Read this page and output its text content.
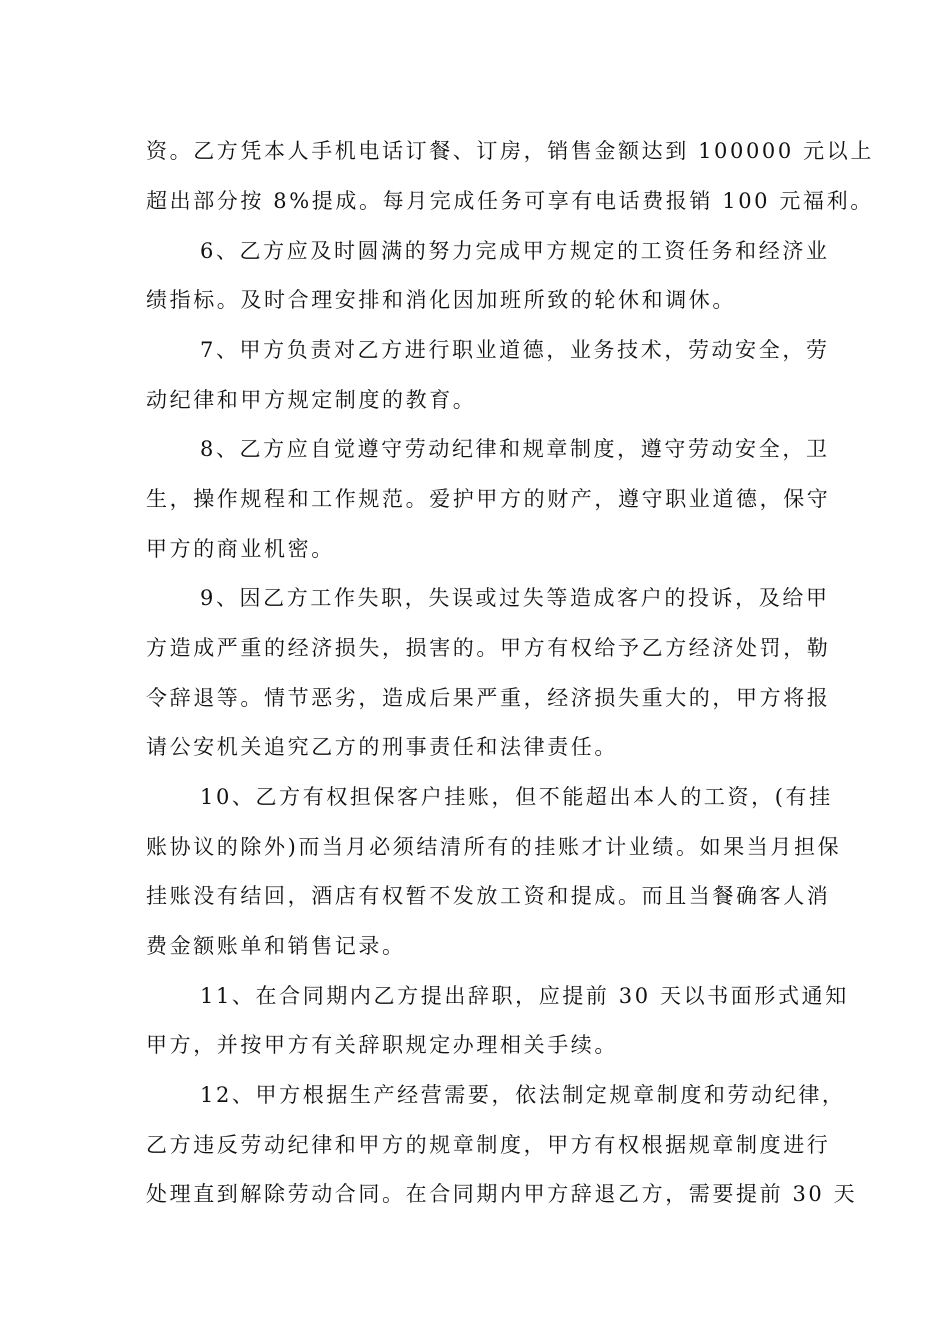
资。乙方凭本人手机电话订餐、订房，销售金额达到 100000 元以上
超出部分按 8%提成。每月完成任务可享有电话费报销 100 元福利。
6、乙方应及时圆满的努力完成甲方规定的工资任务和经济业
绩指标。及时合理安排和消化因加班所致的轮休和调休。
7、甲方负责对乙方进行职业道德，业务技术，劳动安全，劳
动纪律和甲方规定制度的教育。
8、乙方应自觉遵守劳动纪律和规章制度，遵守劳动安全，卫
生，操作规程和工作规范。爱护甲方的财产，遵守职业道德，保守
甲方的商业机密。
9、因乙方工作失职，失误或过失等造成客户的投诉，及给甲
方造成严重的经济损失，损害的。甲方有权给予乙方经济处罚，勒
令辞退等。情节恶劣，造成后果严重，经济损失重大的，甲方将报
请公安机关追究乙方的刑事责任和法律责任。
10、乙方有权担保客户挂账，但不能超出本人的工资，(有挂
账协议的除外)而当月必须结清所有的挂账才计业绩。如果当月担保
挂账没有结回，酒店有权暂不发放工资和提成。而且当餐确客人消
费金额账单和销售记录。
11、在合同期内乙方提出辞职，应提前 30 天以书面形式通知
甲方，并按甲方有关辞职规定办理相关手续。
12、甲方根据生产经营需要，依法制定规章制度和劳动纪律，
乙方违反劳动纪律和甲方的规章制度，甲方有权根据规章制度进行
处理直到解除劳动合同。在合同期内甲方辞退乙方，需要提前 30 天
